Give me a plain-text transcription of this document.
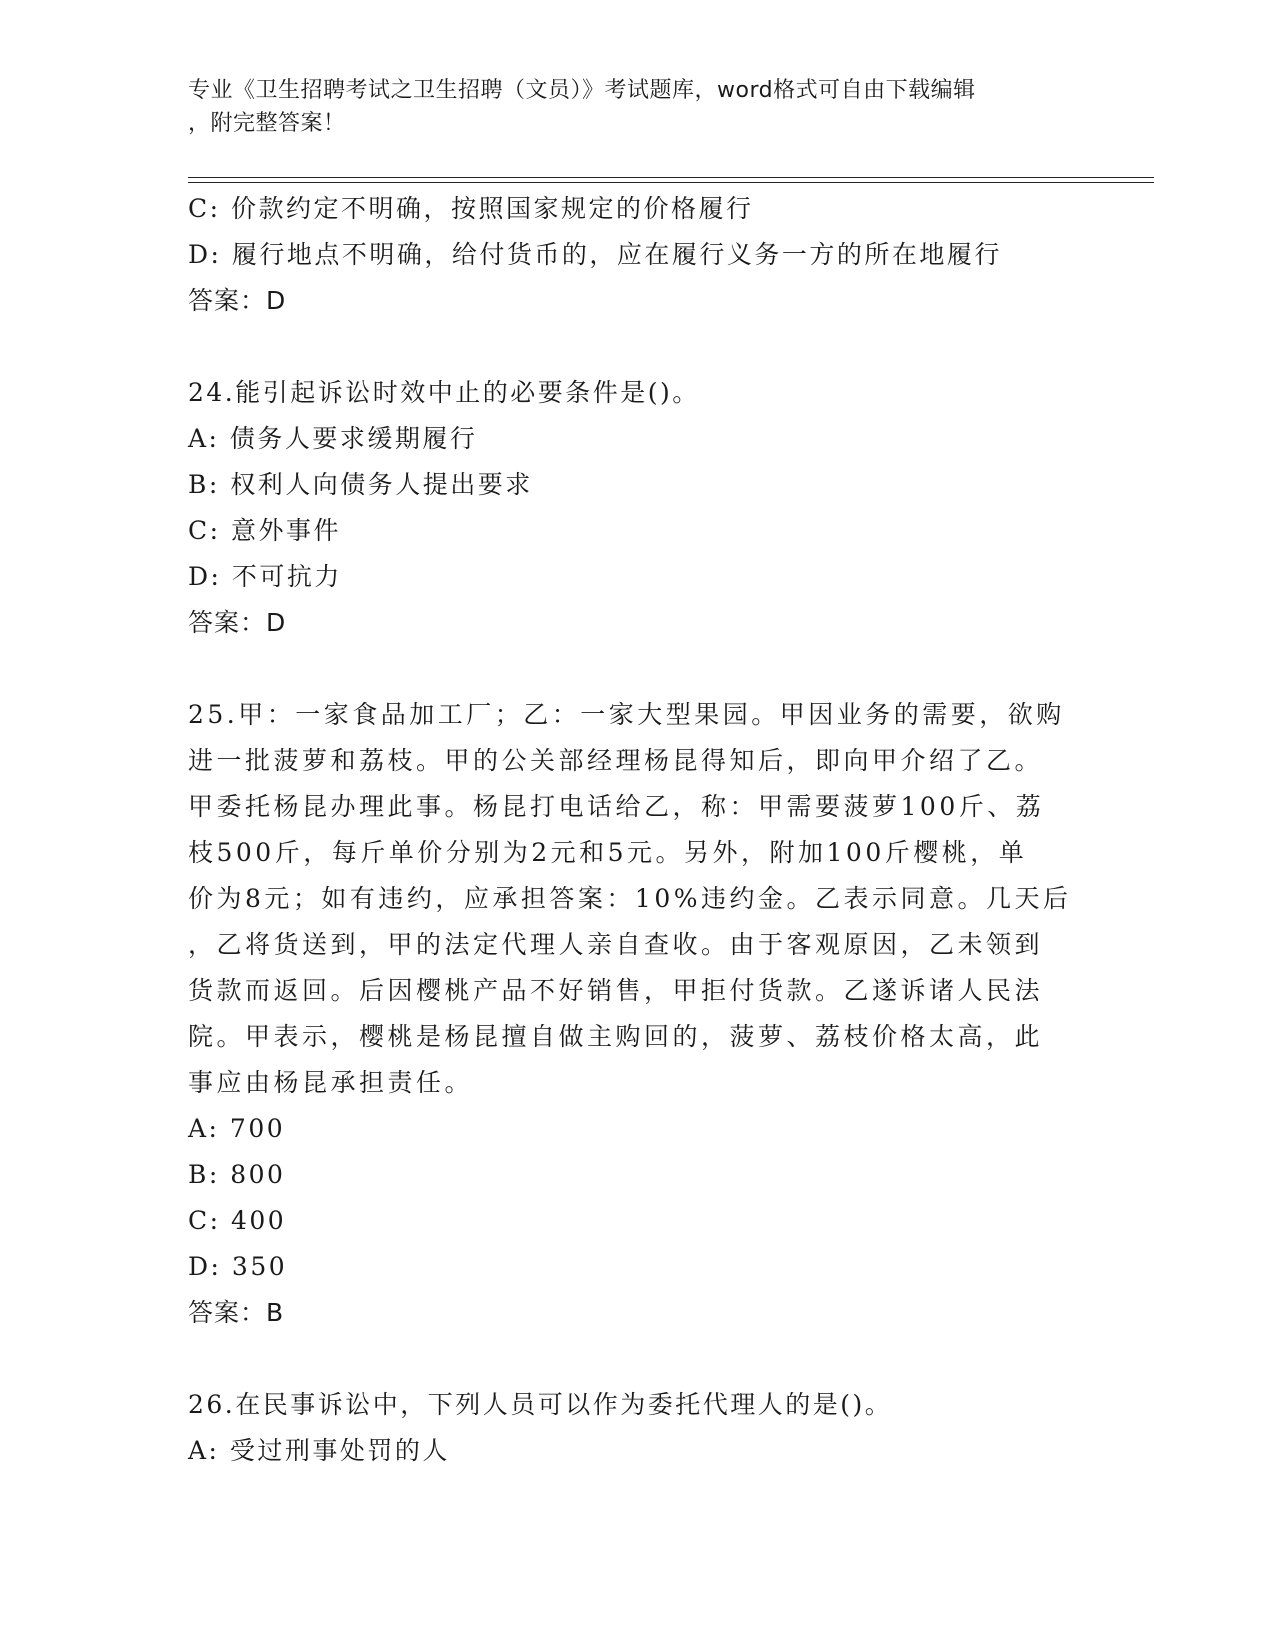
专业《卫生招聘考试之卫生招聘（文员）》考试题库，word格式可自由下载编辑
，附完整答案！
C: 价款约定不明确，按照国家规定的价格履行
D: 履行地点不明确，给付货币的，应在履行义务一方的所在地履行
答案：D
24.能引起诉讼时效中止的必要条件是()。
A: 债务人要求缓期履行
B: 权利人向债务人提出要求
C: 意外事件
D: 不可抗力
答案：D
25.甲：一家食品加工厂；乙：一家大型果园。甲因业务的需要，欲购
进一批菠萝和荔枝。甲的公关部经理杨昆得知后，即向甲介绍了乙。
甲委托杨昆办理此事。杨昆打电话给乙，称：甲需要菠萝100斤、荔
枝500斤，每斤单价分别为2元和5元。另外，附加100斤樱桃，单
价为8元；如有违约，应承担答案：10%违约金。乙表示同意。几天后
，乙将货送到，甲的法定代理人亲自查收。由于客观原因，乙未领到
货款而返回。后因樱桃产品不好销售，甲拒付货款。乙遂诉诸人民法
院。甲表示，樱桃是杨昆擅自做主购回的，菠萝、荔枝价格太高，此
事应由杨昆承担责任。
A: 700
B: 800
C: 400
D: 350
答案：B
26.在民事诉讼中，下列人员可以作为委托代理人的是()。
A: 受过刑事处罚的人
